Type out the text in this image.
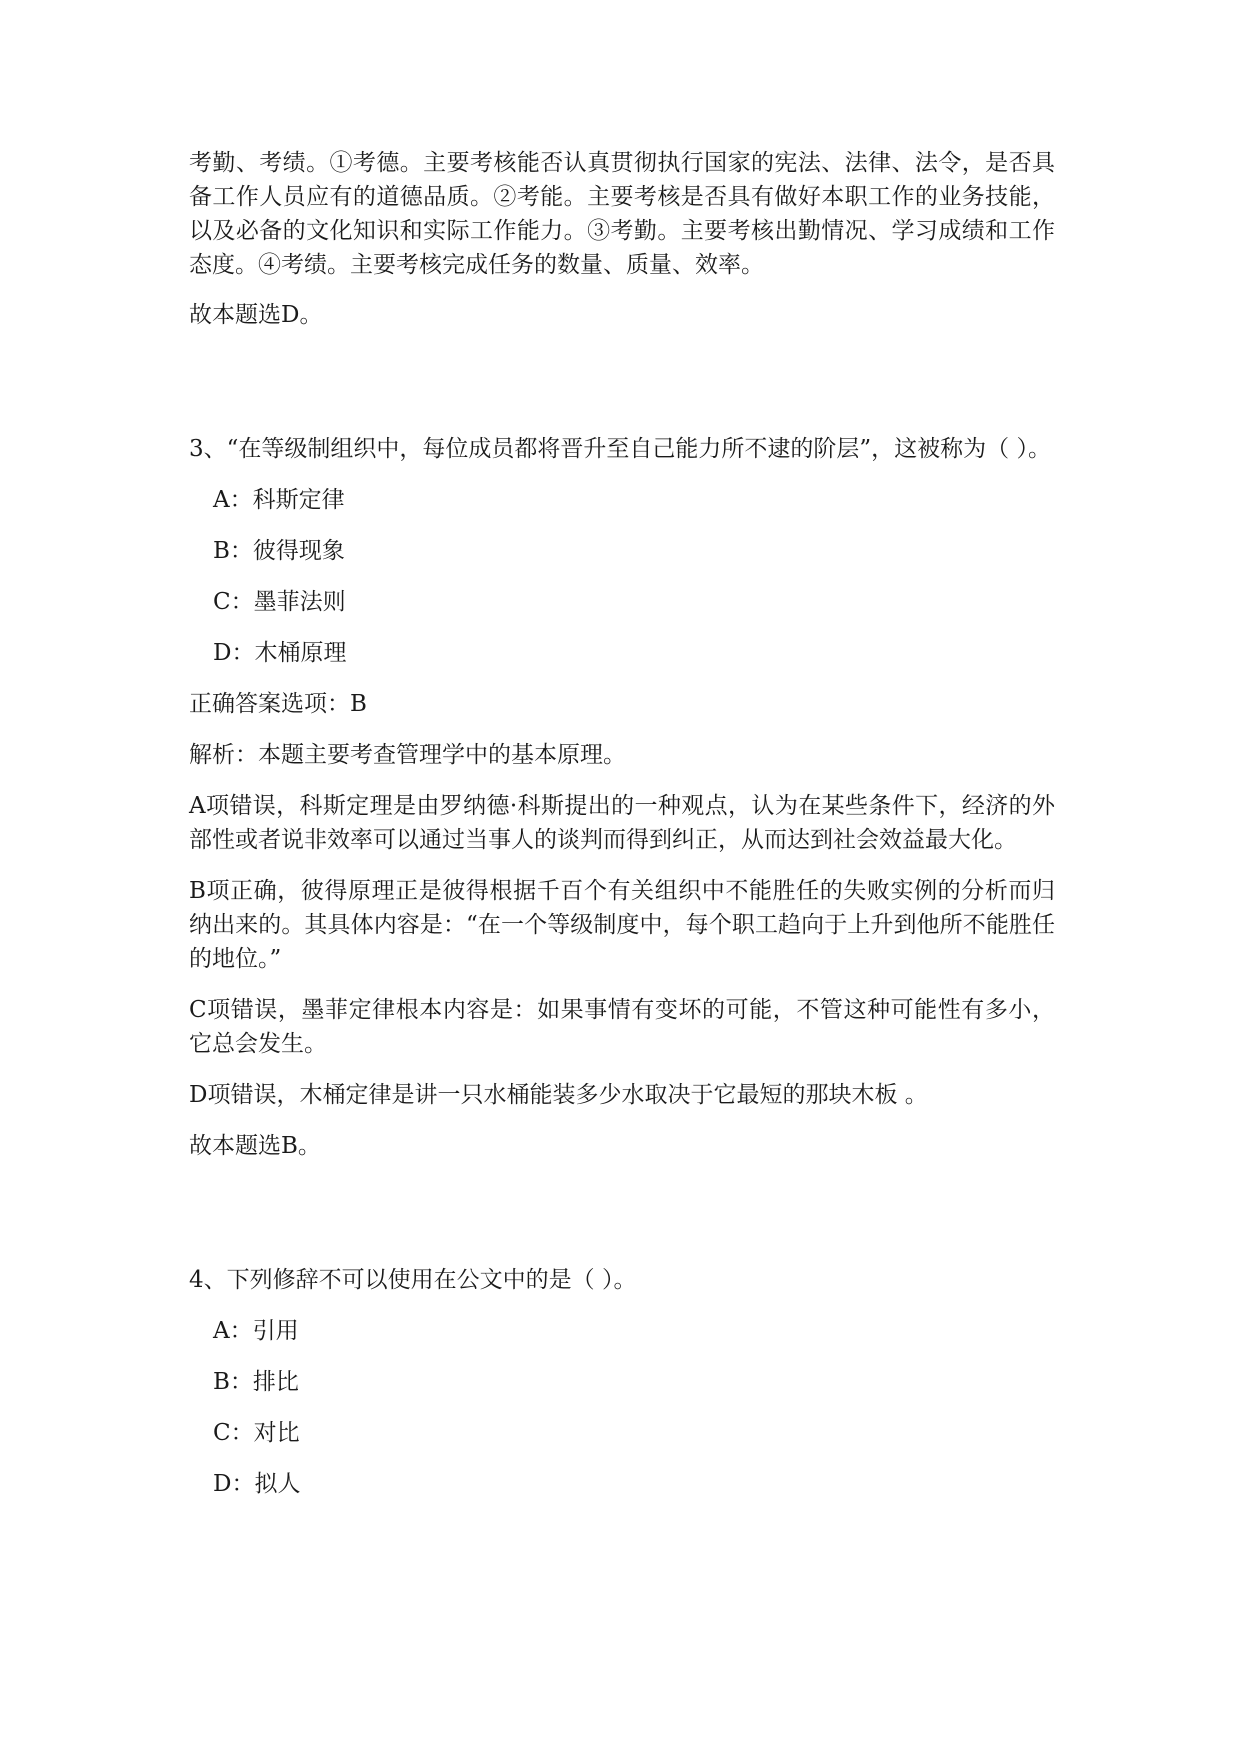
考勤、考绩。①考德。主要考核能否认真贯彻执行国家的宪法、法律、法令，是否具备工作人员应有的道德品质。②考能。主要考核是否具有做好本职工作的业务技能，以及必备的文化知识和实际工作能力。③考勤。主要考核出勤情况、学习成绩和工作态度。④考绩。主要考核完成任务的数量、质量、效率。

故本题选D。

3、“在等级制组织中，每位成员都将晋升至自己能力所不逮的阶层”，这被称为（ ）。

A：科斯定律
B：彼得现象
C：墨菲法则
D：木桶原理

正确答案选项：B

解析：本题主要考查管理学中的基本原理。

A项错误，科斯定理是由罗纳德·科斯提出的一种观点，认为在某些条件下，经济的外部性或者说非效率可以通过当事人的谈判而得到纠正，从而达到社会效益最大化。

B项正确，彼得原理正是彼得根据千百个有关组织中不能胜任的失败实例的分析而归纳出来的。其具体内容是：“在一个等级制度中，每个职工趋向于上升到他所不能胜任的地位。”

C项错误，墨菲定律根本内容是：如果事情有变坏的可能，不管这种可能性有多小，它总会发生。

D项错误，木桶定律是讲一只水桶能装多少水取决于它最短的那块木板 。

故本题选B。

4、下列修辞不可以使用在公文中的是（ ）。

A：引用
B：排比
C：对比
D：拟人
